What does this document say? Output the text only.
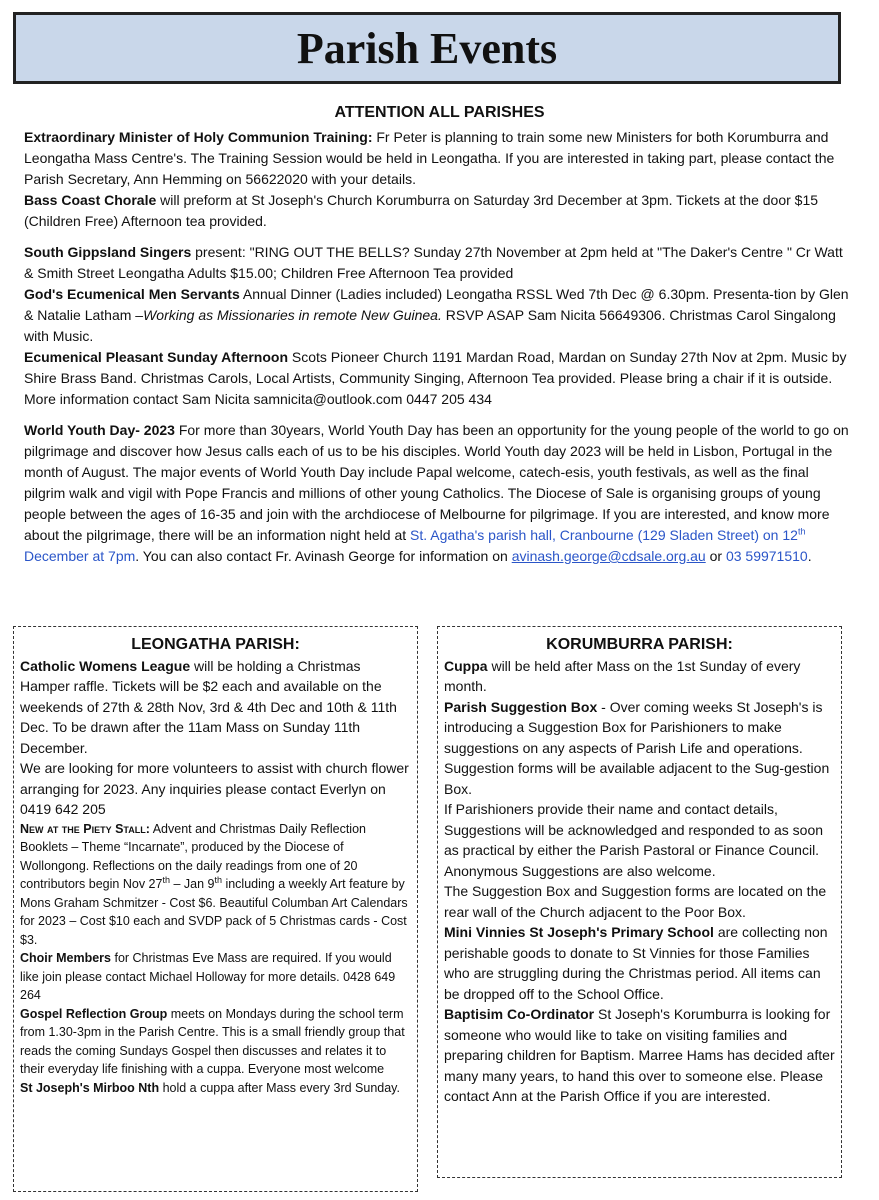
Parish Events
ATTENTION ALL PARISHES

Extraordinary Minister of Holy Communion Training: Fr Peter is planning to train some new Ministers for both Korumburra and Leongatha Mass Centre's. The Training Session would be held in Leongatha. If you are interested in taking part, please contact the Parish Secretary, Ann Hemming on 56622020 with your details.

Bass Coast Chorale will preform at St Joseph's Church Korumburra on Saturday 3rd December at 3pm. Tickets at the door $15 (Children Free) Afternoon tea provided.

South Gippsland Singers present: "RING OUT THE BELLS? Sunday 27th November at 2pm held at "The Daker's Centre " Cr Watt & Smith Street Leongatha Adults $15.00; Children Free Afternoon Tea provided

God's Ecumenical Men Servants Annual Dinner (Ladies included) Leongatha RSSL Wed 7th Dec @ 6.30pm. Presenta-tion by Glen & Natalie Latham –Working as Missionaries in remote New Guinea. RSVP ASAP Sam Nicita 56649306. Christmas Carol Singalong with Music.

Ecumenical Pleasant Sunday Afternoon Scots Pioneer Church 1191 Mardan Road, Mardan on Sunday 27th Nov at 2pm. Music by Shire Brass Band. Christmas Carols, Local Artists, Community Singing, Afternoon Tea provided. Please bring a chair if it is outside. More information contact Sam Nicita samnicita@outlook.com 0447 205 434

World Youth Day- 2023 For more than 30years, World Youth Day has been an opportunity for the young people of the world to go on pilgrimage and discover how Jesus calls each of us to be his disciples. World Youth day 2023 will be held in Lisbon, Portugal in the month of August. The major events of World Youth Day include Papal welcome, catech-esis, youth festivals, as well as the final pilgrim walk and vigil with Pope Francis and millions of other young Catholics. The Diocese of Sale is organising groups of young people between the ages of 16-35 and join with the archdiocese of Melbourne for pilgrimage. If you are interested, and know more about the pilgrimage, there will be an information night held at St. Agatha's parish hall, Cranbourne (129 Sladen Street) on 12th December at 7pm. You can also contact Fr. Avinash George for information on avinash.george@cdsale.org.au or 03 59971510.

LEONGATHA PARISH:

Catholic Womens League will be holding a Christmas Hamper raffle. Tickets will be $2 each and available on the weekends of 27th & 28th Nov, 3rd & 4th Dec and 10th & 11th Dec. To be drawn after the 11am Mass on Sunday 11th December.

We are looking for more volunteers to assist with church flower arranging for 2023. Any inquiries please contact Everlyn on 0419 642 205

New at the Piety Stall: Advent and Christmas Daily Reflection Booklets – Theme “Incarnate”, produced by the Diocese of Wollongong. Reflections on the daily readings from one of 20 contributors begin Nov 27th – Jan 9th including a weekly Art feature by Mons Graham Schmitzer - Cost $6. Beautiful Columban Art Calendars for 2023 – Cost $10 each and SVDP pack of 5 Christmas cards - Cost $3.

Choir Members for Christmas Eve Mass are required. If you would like join please contact Michael Holloway for more details. 0428 649 264

Gospel Reflection Group meets on Mondays during the school term from 1.30-3pm in the Parish Centre. This is a small friendly group that reads the coming Sundays Gospel then discusses and relates it to their everyday life finishing with a cuppa. Everyone most welcome

St Joseph's Mirboo Nth hold a cuppa after Mass every 3rd Sunday.

KORUMBURRA PARISH:

Cuppa will be held after Mass on the 1st Sunday of every month.

Parish Suggestion Box - Over coming weeks St Joseph's is introducing a Suggestion Box for Parishioners to make suggestions on any aspects of Parish Life and operations. Suggestion forms will be available adjacent to the Sug-gestion Box.

If Parishioners provide their name and contact details, Suggestions will be acknowledged and responded to as soon as practical by either the Parish Pastoral or Finance Council. Anonymous Suggestions are also welcome.

The Suggestion Box and Suggestion forms are located on the rear wall of the Church adjacent to the Poor Box.

Mini Vinnies St Joseph's Primary School are collecting non perishable goods to donate to St Vinnies for those Families who are struggling during the Christmas period. All items can be dropped off to the School Office.

Baptisim Co-Ordinator St Joseph's Korumburra is looking for someone who would like to take on visiting families and preparing children for Baptism. Marree Hams has decided after many many years, to hand this over to someone else. Please contact Ann at the Parish Office if you are interested.
